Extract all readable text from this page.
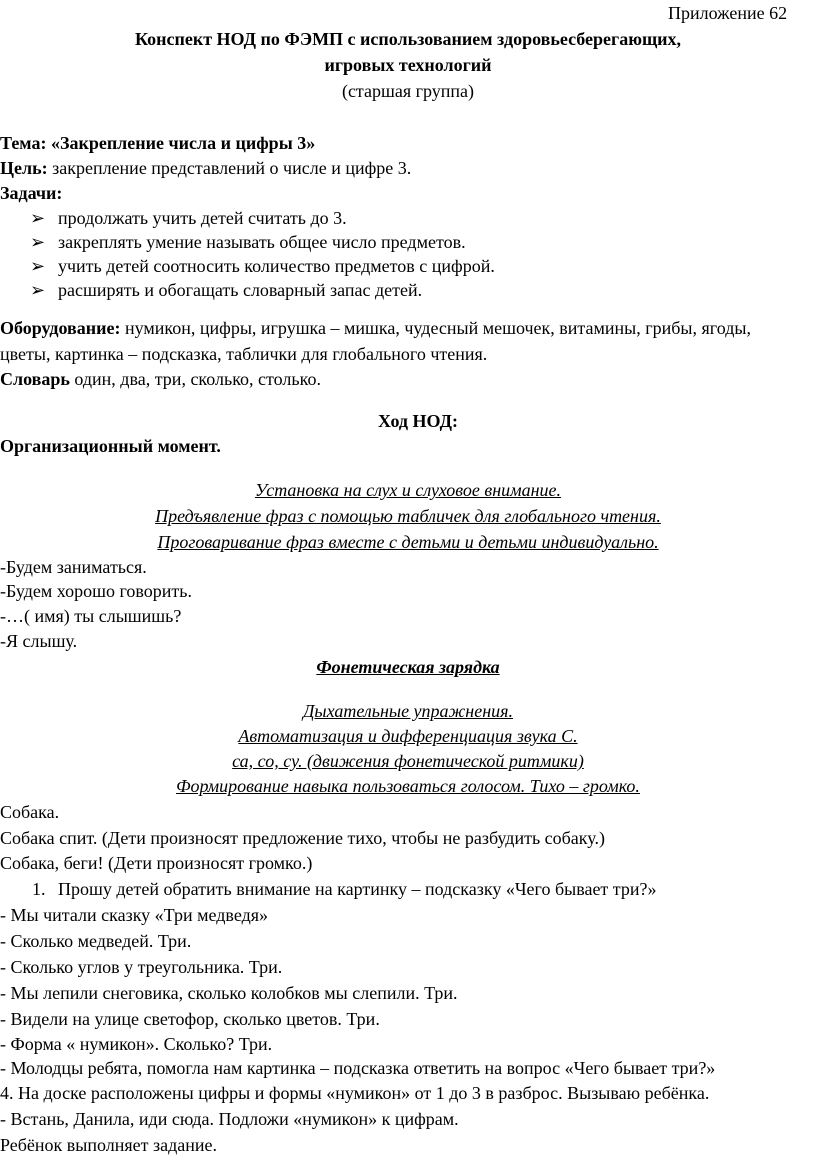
Приложение 62
Конспект НОД по ФЭМП с использованием здоровьесберегающих,
игровых технологий
(старшая группа)
Тема: «Закрепление числа и цифры 3»
Цель: закрепление представлений о числе и цифре 3.
Задачи:
➢ продолжать учить детей считать до 3.
➢ закреплять умение называть общее число предметов.
➢ учить детей соотносить количество предметов с цифрой.
➢ расширять и обогащать словарный запас детей.
Оборудование: нумикон, цифры, игрушка – мишка, чудесный мешочек, витамины, грибы, ягоды,
цветы, картинка – подсказка, таблички для глобального чтения.
Словарь один, два, три, сколько, столько.
Ход НОД:
Организационный момент.
Установка на слух и слуховое внимание.
Предъявление фраз с помощью табличек для глобального чтения.
Проговаривание фраз вместе с детьми и детьми индивидуально.
-Будем заниматься.
-Будем хорошо говорить.
-…( имя) ты слышишь?
-Я слышу.
Фонетическая зарядка
Дыхательные упражнения.
Автоматизация и дифференциация звука С.
са, со, су. (движения фонетической ритмики)
Формирование навыка пользоваться голосом. Тихо – громко.
Собака.
Собака спит. (Дети произносят предложение тихо, чтобы не разбудить собаку.)
Собака, беги! (Дети произносят громко.)
1. Прошу детей обратить внимание на картинку – подсказку «Чего бывает три?»
- Мы читали сказку «Три медведя»
- Сколько медведей. Три.
- Сколько углов у треугольника. Три.
- Мы лепили снеговика, сколько колобков мы слепили. Три.
- Видели на улице светофор, сколько цветов. Три.
- Форма « нумикон». Сколько? Три.
- Молодцы ребята, помогла нам картинка – подсказка ответить на вопрос «Чего бывает три?»
4. На доске расположены цифры и формы «нумикон» от 1 до 3 в разброс. Вызываю ребёнка.
- Встань, Данила, иди сюда. Подложи «нумикон» к цифрам.
Ребёнок выполняет задание.
